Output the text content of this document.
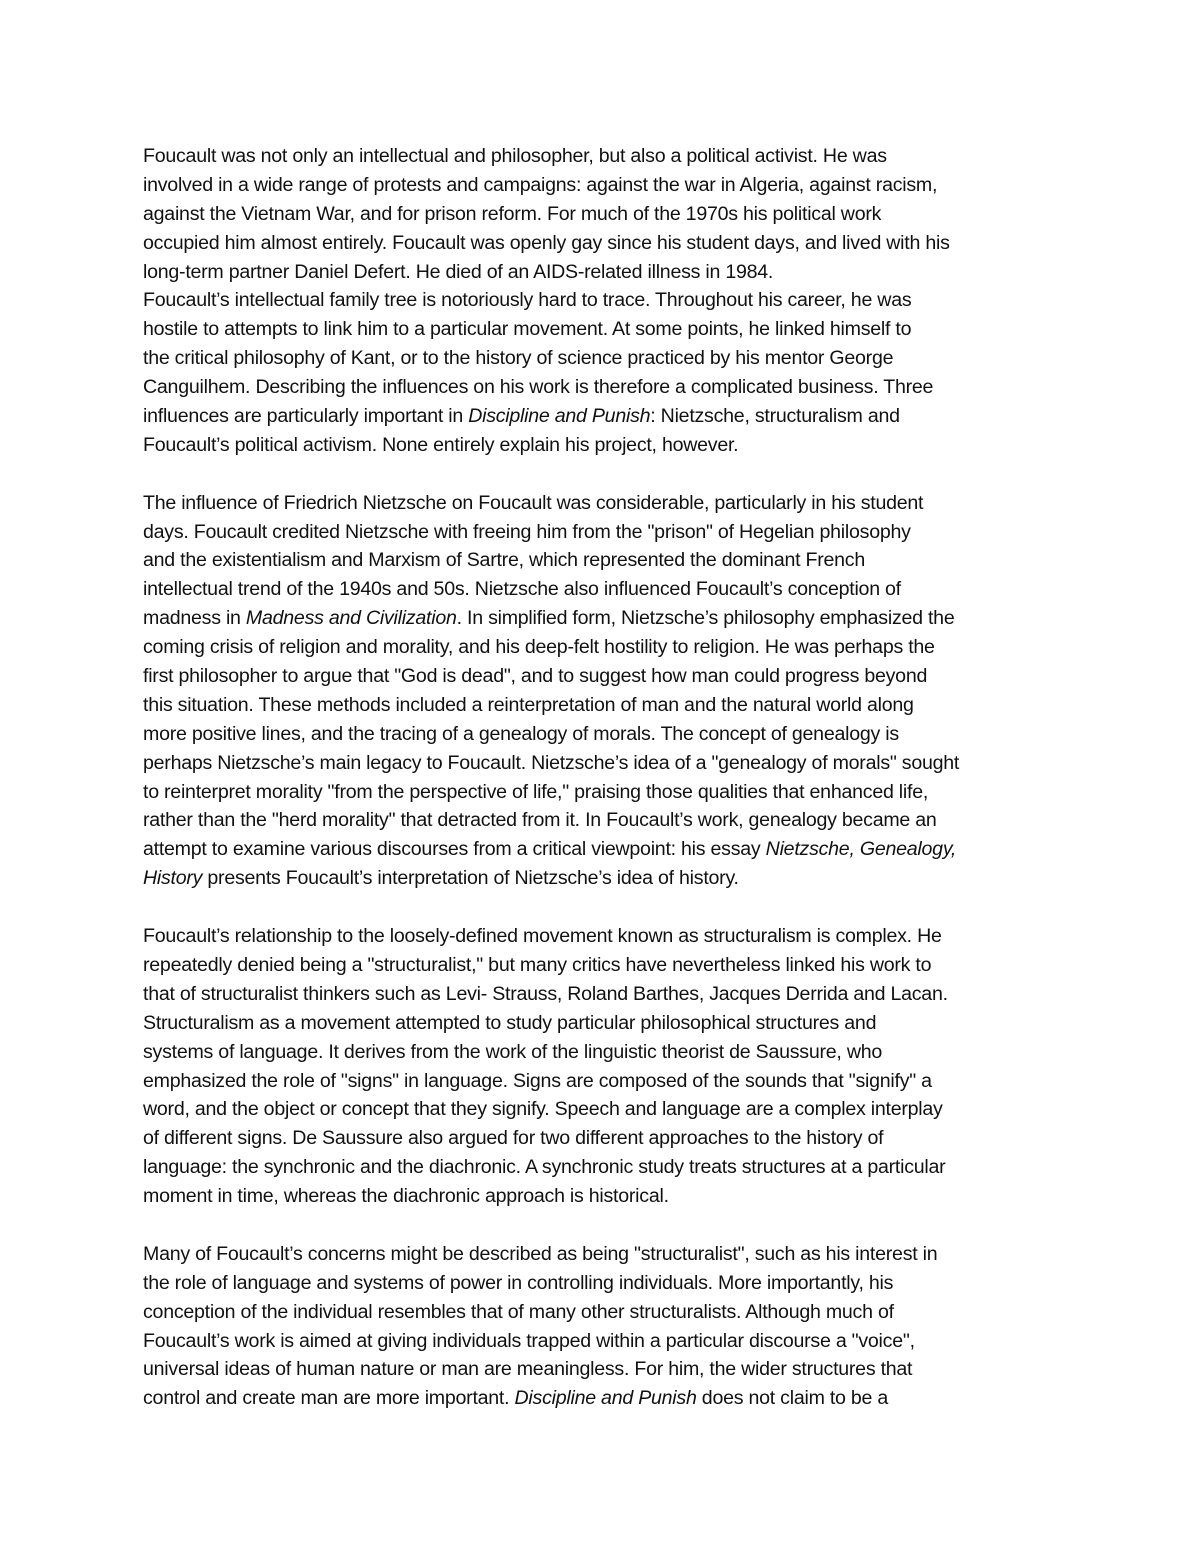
Foucault was not only an intellectual and philosopher, but also a political activist. He was
involved in a wide range of protests and campaigns: against the war in Algeria, against racism,
against the Vietnam War, and for prison reform. For much of the 1970s his political work
occupied him almost entirely. Foucault was openly gay since his student days, and lived with his
long-term partner Daniel Defert. He died of an AIDS-related illness in 1984.
Foucault’s intellectual family tree is notoriously hard to trace. Throughout his career, he was
hostile to attempts to link him to a particular movement. At some points, he linked himself to
the critical philosophy of Kant, or to the history of science practiced by his mentor George
Canguilhem. Describing the influences on his work is therefore a complicated business. Three
influences are particularly important in Discipline and Punish: Nietzsche, structuralism and
Foucault’s political activism. None entirely explain his project, however.
The influence of Friedrich Nietzsche on Foucault was considerable, particularly in his student
days. Foucault credited Nietzsche with freeing him from the "prison" of Hegelian philosophy
and the existentialism and Marxism of Sartre, which represented the dominant French
intellectual trend of the 1940s and 50s. Nietzsche also influenced Foucault’s conception of
madness in Madness and Civilization. In simplified form, Nietzsche’s philosophy emphasized the
coming crisis of religion and morality, and his deep-felt hostility to religion. He was perhaps the
first philosopher to argue that "God is dead", and to suggest how man could progress beyond
this situation. These methods included a reinterpretation of man and the natural world along
more positive lines, and the tracing of a genealogy of morals. The concept of genealogy is
perhaps Nietzsche’s main legacy to Foucault. Nietzsche’s idea of a "genealogy of morals" sought
to reinterpret morality "from the perspective of life," praising those qualities that enhanced life,
rather than the "herd morality" that detracted from it. In Foucault’s work, genealogy became an
attempt to examine various discourses from a critical viewpoint: his essay Nietzsche, Genealogy,
History presents Foucault’s interpretation of Nietzsche’s idea of history.
Foucault’s relationship to the loosely-defined movement known as structuralism is complex. He
repeatedly denied being a "structuralist," but many critics have nevertheless linked his work to
that of structuralist thinkers such as Levi- Strauss, Roland Barthes, Jacques Derrida and Lacan.
Structuralism as a movement attempted to study particular philosophical structures and
systems of language. It derives from the work of the linguistic theorist de Saussure, who
emphasized the role of "signs" in language. Signs are composed of the sounds that "signify" a
word, and the object or concept that they signify. Speech and language are a complex interplay
of different signs. De Saussure also argued for two different approaches to the history of
language: the synchronic and the diachronic. A synchronic study treats structures at a particular
moment in time, whereas the diachronic approach is historical.
Many of Foucault’s concerns might be described as being "structuralist", such as his interest in
the role of language and systems of power in controlling individuals. More importantly, his
conception of the individual resembles that of many other structuralists. Although much of
Foucault’s work is aimed at giving individuals trapped within a particular discourse a "voice",
universal ideas of human nature or man are meaningless. For him, the wider structures that
control and create man are more important. Discipline and Punish does not claim to be a
